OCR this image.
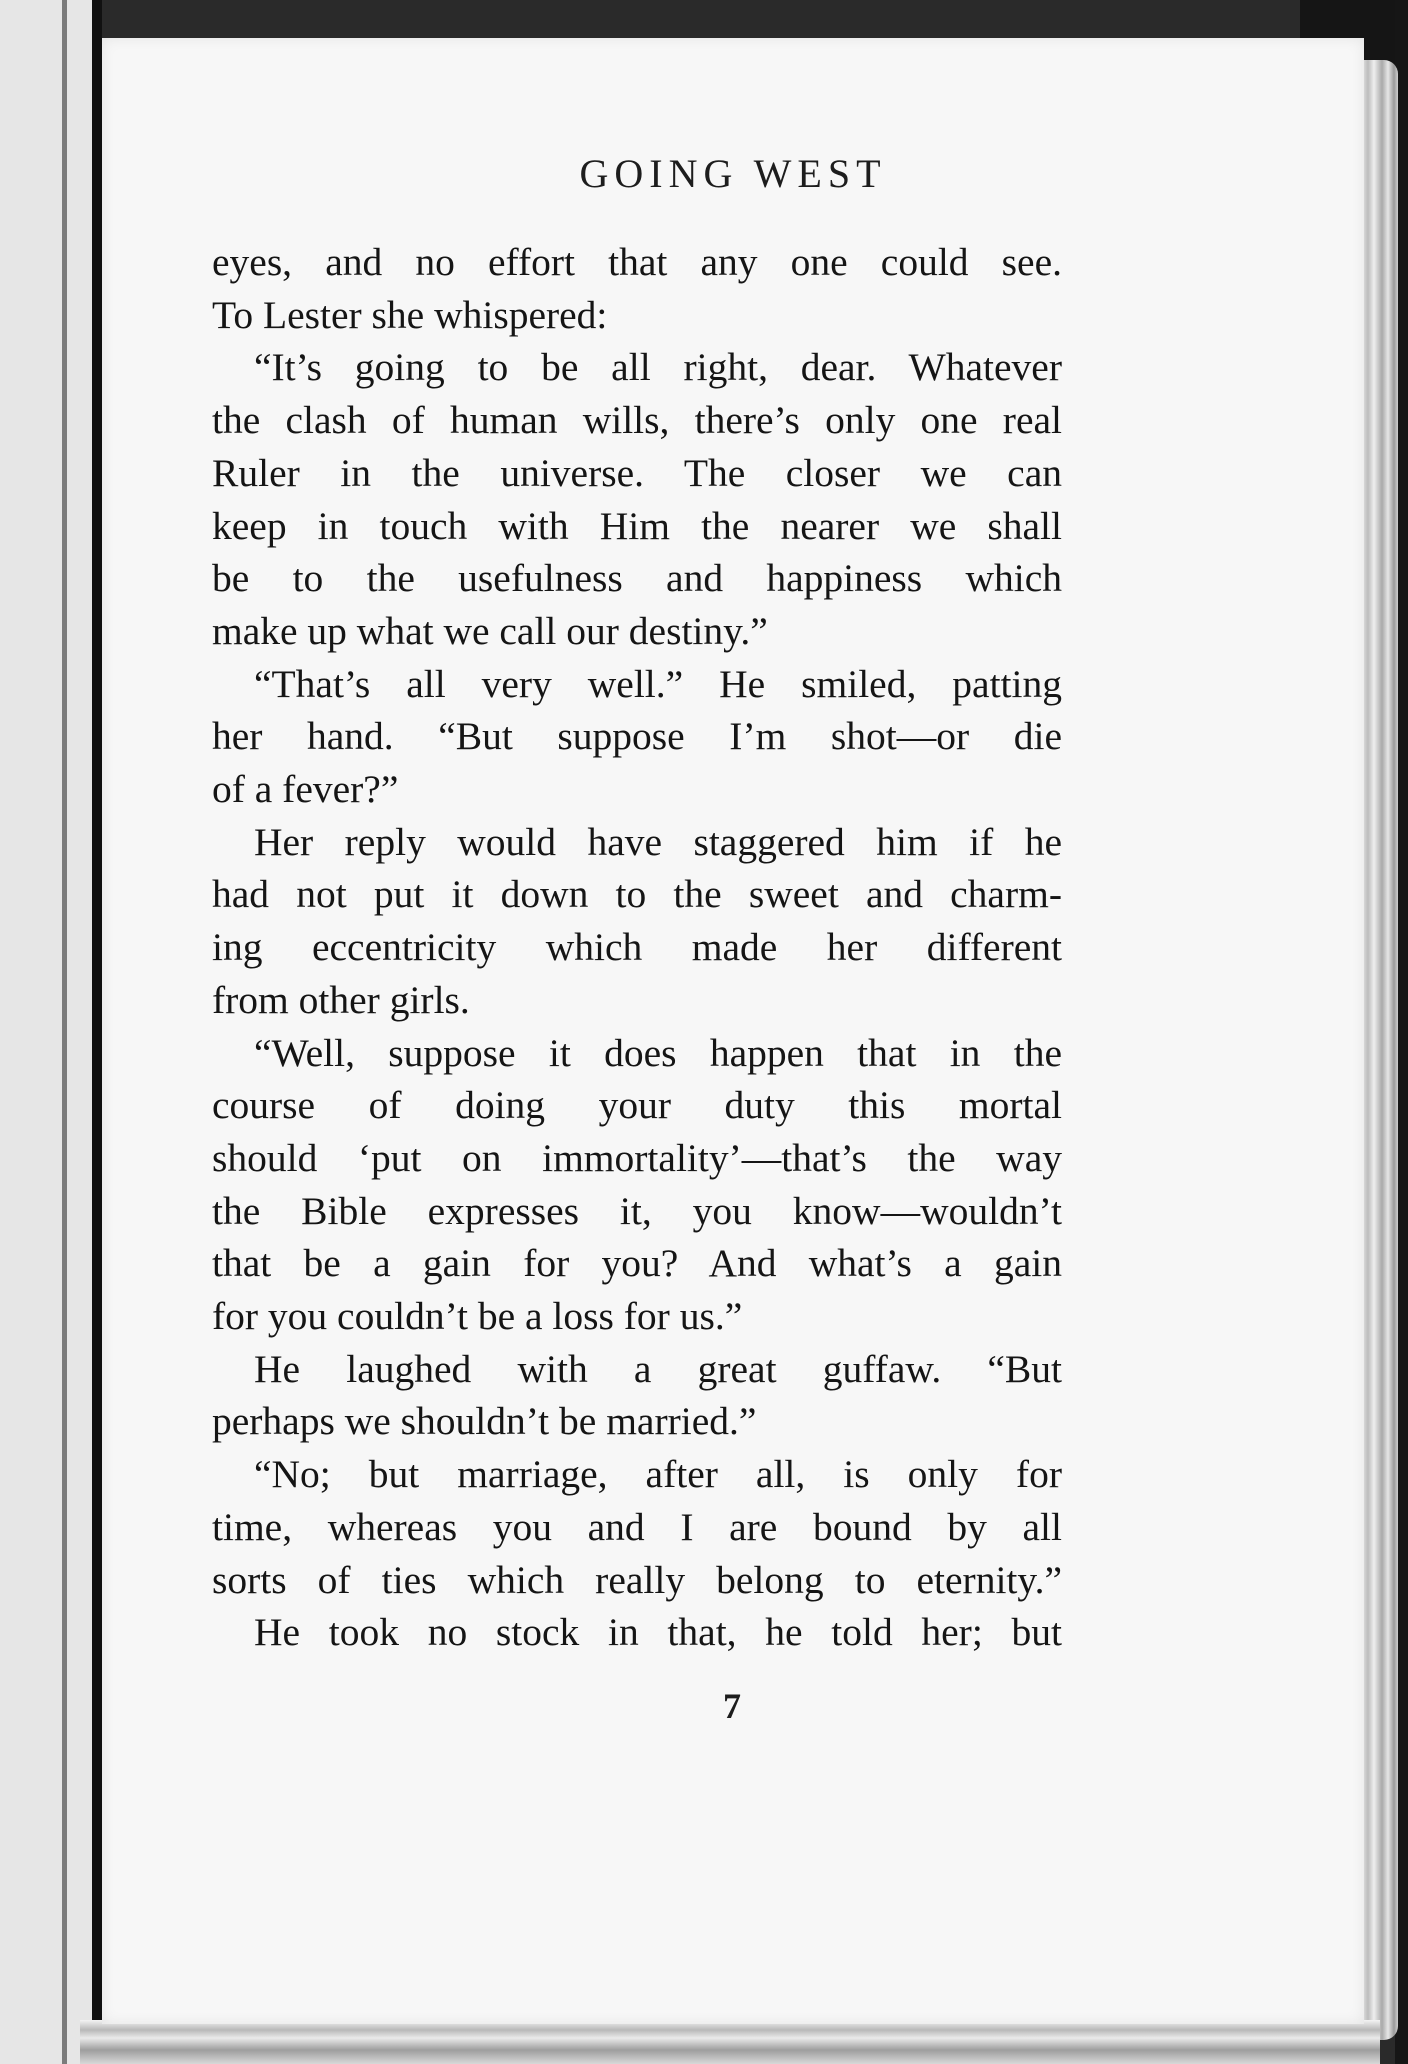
GOING WEST
eyes, and no effort that any one could see.
To Lester she whispered:
“It’s going to be all right, dear. Whatever
the clash of human wills, there’s only one real
Ruler in the universe. The closer we can
keep in touch with Him the nearer we shall
be to the usefulness and happiness which
make up what we call our destiny.”
“That’s all very well.” He smiled, patting
her hand. “But suppose I’m shot—or die
of a fever?”
Her reply would have staggered him if he
had not put it down to the sweet and charm-
ing eccentricity which made her different
from other girls.
“Well, suppose it does happen that in the
course of doing your duty this mortal
should ‘put on immortality’—that’s the way
the Bible expresses it, you know—wouldn’t
that be a gain for you? And what’s a gain
for you couldn’t be a loss for us.”
He laughed with a great guffaw. “But
perhaps we shouldn’t be married.”
“No; but marriage, after all, is only for
time, whereas you and I are bound by all
sorts of ties which really belong to eternity.”
He took no stock in that, he told her; but
7
